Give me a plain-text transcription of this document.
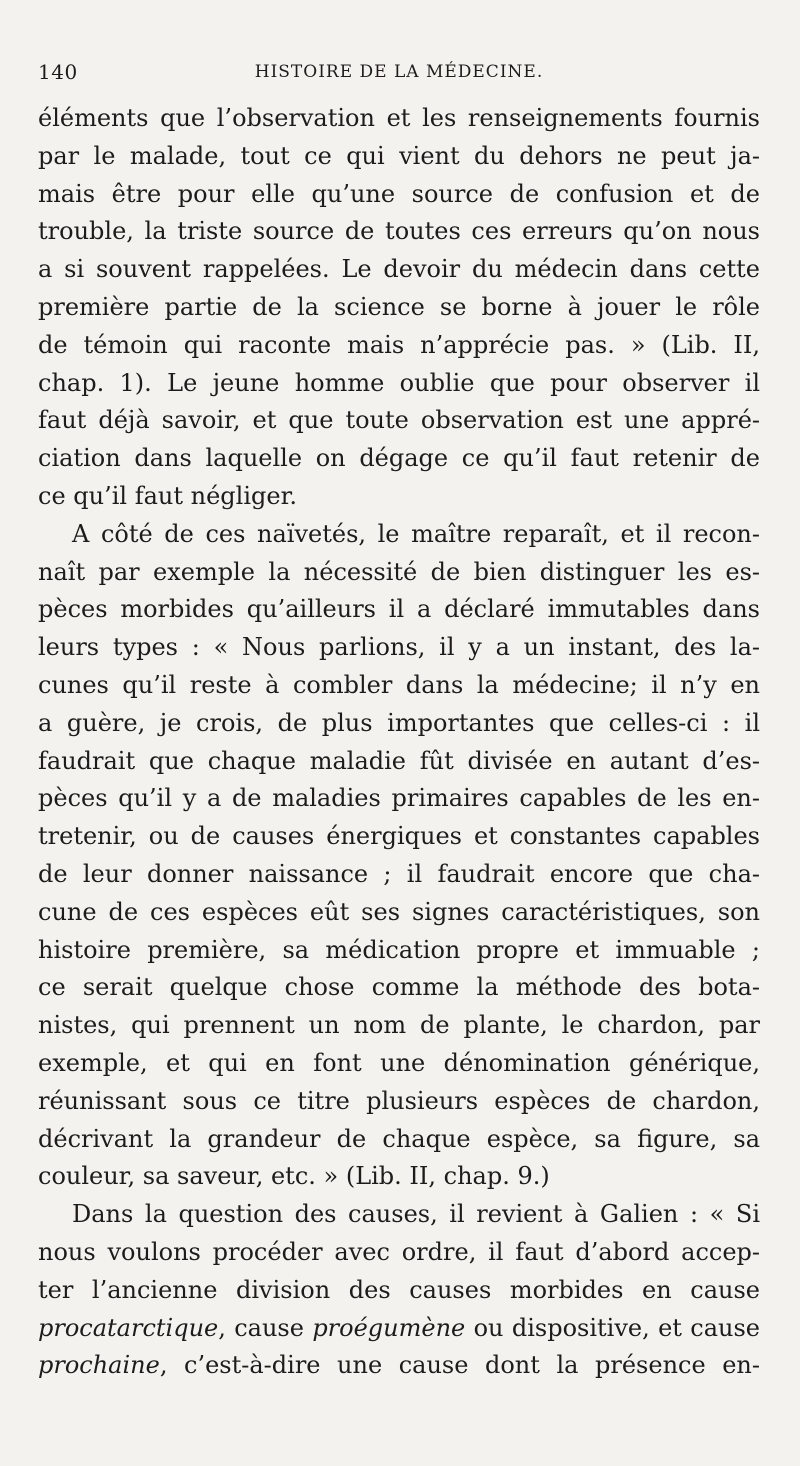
140	HISTOIRE DE LA MÉDECINE.
éléments que l’observation et les renseignements fournis
par le malade, tout ce qui vient du dehors ne peut ja-
mais être pour elle qu’une source de confusion et de
trouble, la triste source de toutes ces erreurs qu’on nous
a si souvent rappelées. Le devoir du médecin dans cette
première partie de la science se borne à jouer le rôle
de témoin qui raconte mais n’apprécie pas. » (Lib. II,
chap. 1). Le jeune homme oublie que pour observer il
faut déjà savoir, et que toute observation est une appré-
ciation dans laquelle on dégage ce qu’il faut retenir de
ce qu’il faut négliger.
A côté de ces naïvetés, le maître reparaît, et il recon-
naît par exemple la nécessité de bien distinguer les es-
pèces morbides qu’ailleurs il a déclaré immutables dans
leurs types : « Nous parlions, il y a un instant, des la-
cunes qu’il reste à combler dans la médecine; il n’y en
a guère, je crois, de plus importantes que celles-ci : il
faudrait que chaque maladie fût divisée en autant d’es-
pèces qu’il y a de maladies primaires capables de les en-
tretenir, ou de causes énergiques et constantes capables
de leur donner naissance ; il faudrait encore que cha-
cune de ces espèces eût ses signes caractéristiques, son
histoire première, sa médication propre et immuable ;
ce serait quelque chose comme la méthode des bota-
nistes, qui prennent un nom de plante, le chardon, par
exemple, et qui en font une dénomination générique,
réunissant sous ce titre plusieurs espèces de chardon,
décrivant la grandeur de chaque espèce, sa figure, sa
couleur, sa saveur, etc. » (Lib. II, chap. 9.)
Dans la question des causes, il revient à Galien : « Si
nous voulons procéder avec ordre, il faut d’abord accep-
ter l’ancienne division des causes morbides en cause
procatarctique, cause proégumène ou dispositive, et cause
prochaine, c’est-à-dire une cause dont la présence en-
